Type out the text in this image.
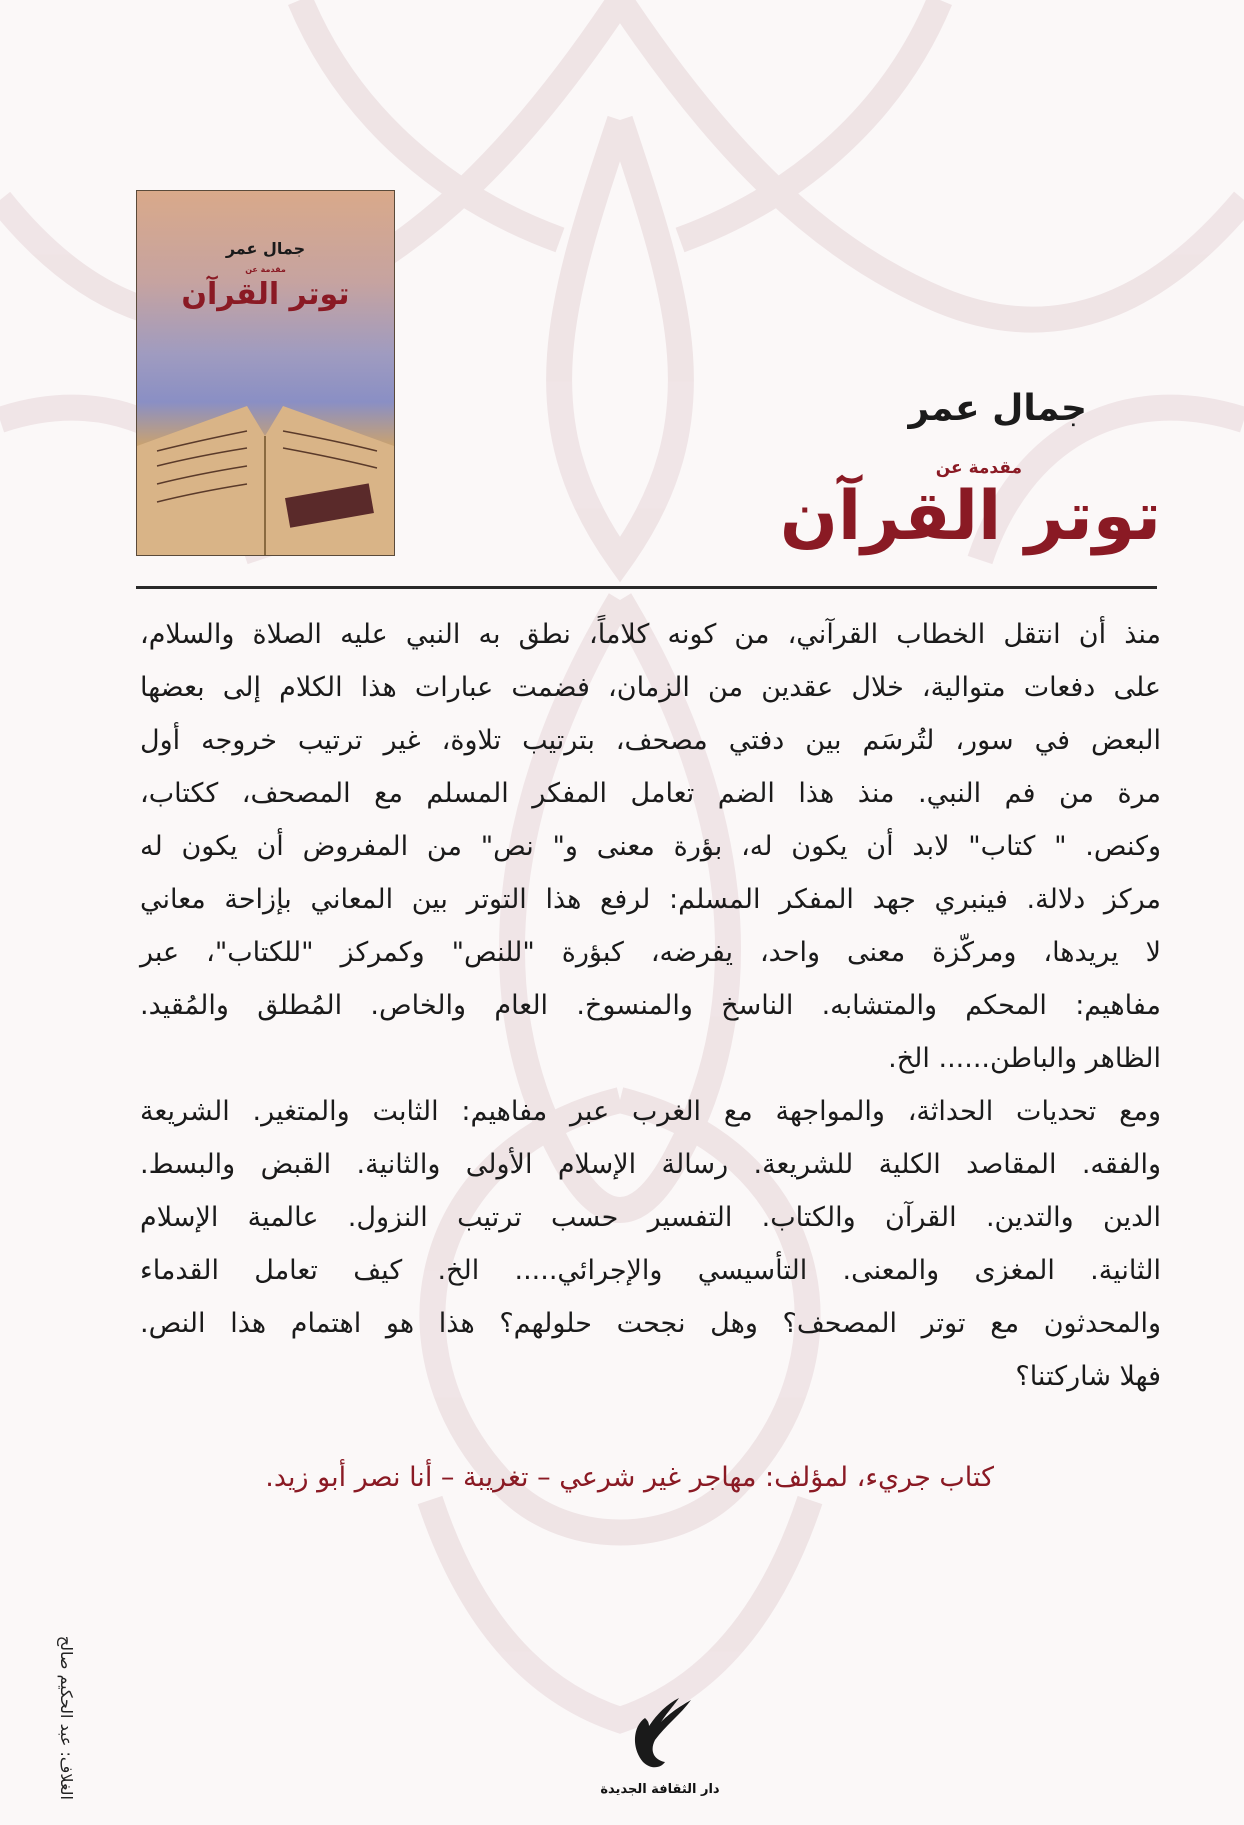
جمال عمر
مقدمة عن
توتر القرآن
جمال عمر
مقدمة عن
توتر القرآن
منذ أن انتقل الخطاب القرآني، من كونه كلاماً، نطق به النبي عليه الصلاة والسلام،
على دفعات متوالية، خلال عقدين من الزمان، فضمت عبارات هذا الكلام إلى بعضها
البعض في سور، لتُرسَم بين دفتي مصحف، بترتيب تلاوة، غير ترتيب خروجه أول
مرة من فم النبي. منذ هذا الضم تعامل المفكر المسلم مع المصحف، ككتاب،
وكنص. " كتاب" لابد أن يكون له، بؤرة معنى و" نص" من المفروض أن يكون له
مركز دلالة. فينبري جهد المفكر المسلم: لرفع هذا التوتر بين المعاني بإزاحة معاني
لا يريدها، ومركّزة معنى واحد، يفرضه، كبؤرة "للنص" وكمركز "للكتاب"، عبر
مفاهيم: المحكم والمتشابه. الناسخ والمنسوخ. العام والخاص. المُطلق والمُقيد.
الظاهر والباطن...... الخ.
ومع تحديات الحداثة، والمواجهة مع الغرب عبر مفاهيم: الثابت والمتغير. الشريعة
والفقه. المقاصد الكلية للشريعة. رسالة الإسلام الأولى والثانية. القبض والبسط.
الدين والتدين. القرآن والكتاب. التفسير حسب ترتيب النزول. عالمية الإسلام
الثانية. المغزى والمعنى. التأسيسي والإجرائي..... الخ. كيف تعامل القدماء
والمحدثون مع توتر المصحف؟ وهل نجحت حلولهم؟ هذا هو اهتمام هذا النص.
فهلا شاركتنا؟
كتاب جريء، لمؤلف: مهاجر غير شرعي – تغريبة – أنا نصر أبو زيد.
الغلاف: عبد الحكيم صالح	دار الثقافة الجديدة
